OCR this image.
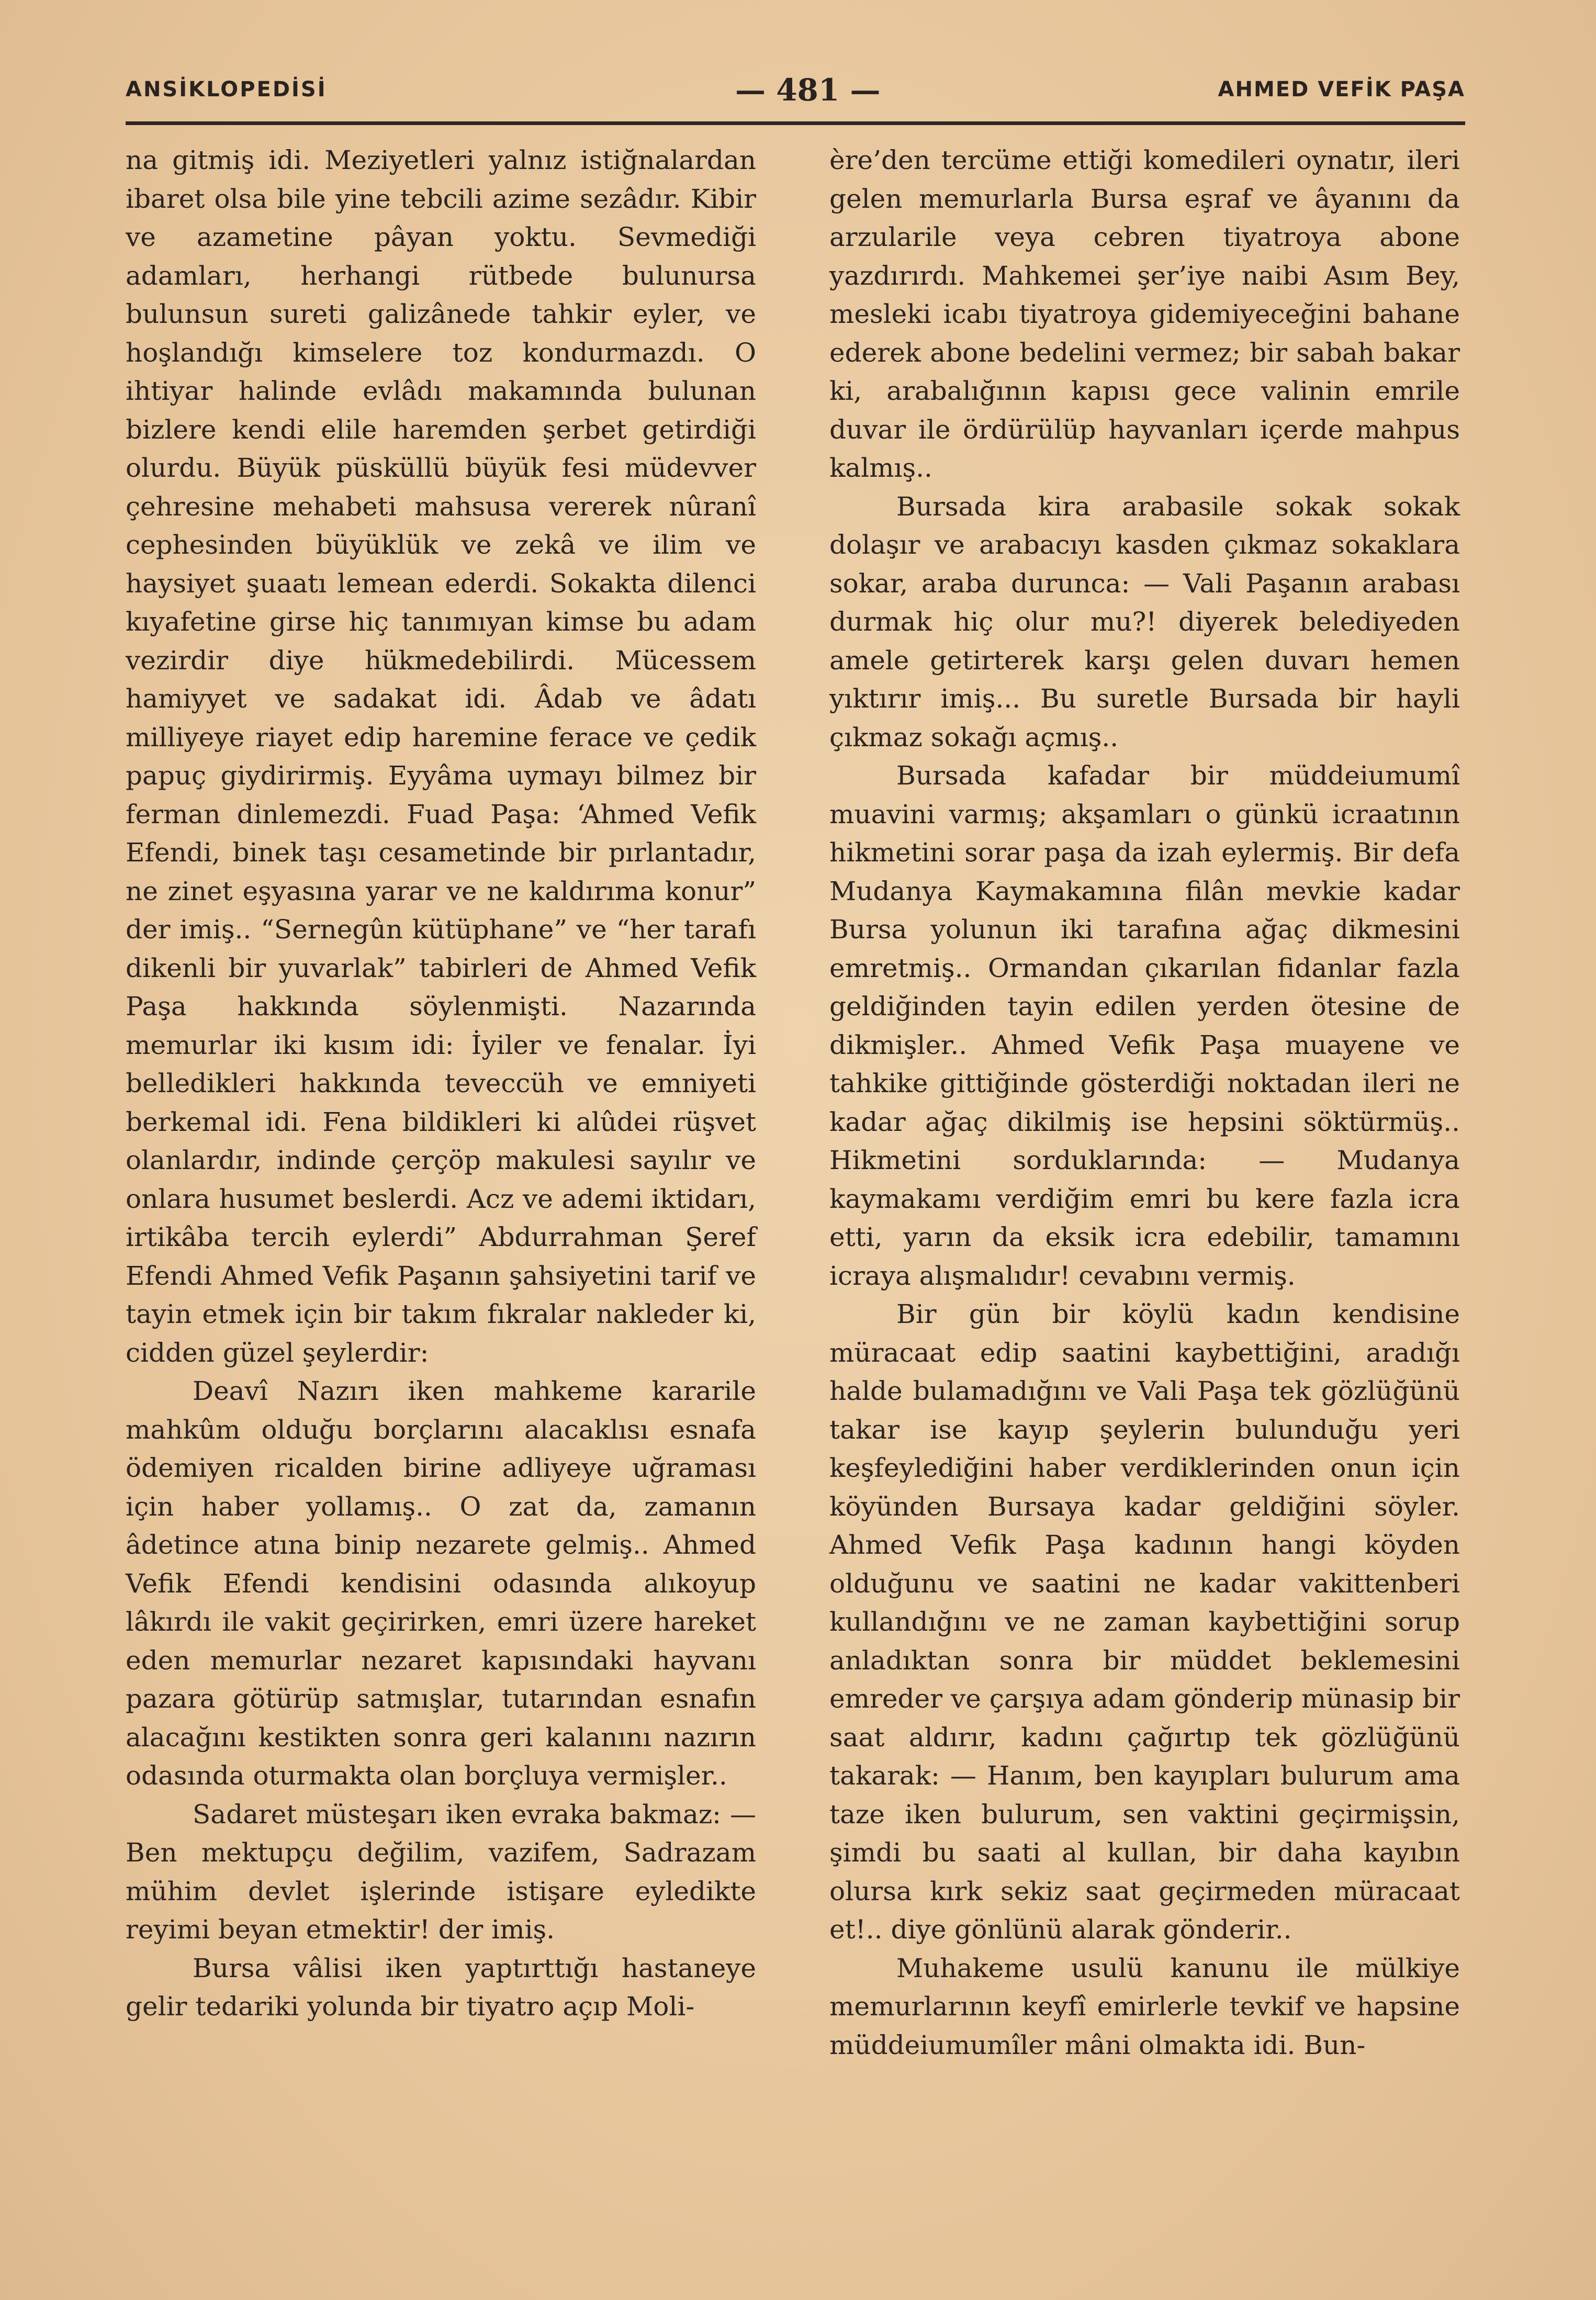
ANSİKLOPEDİSİ	— 481 —	AHMED VEFİK PAŞA

na gitmiş idi. Meziyetleri yalnız istiğnalardan ibaret olsa bile yine tebcili azime sezâdır. Kibir ve azametine pâyan yoktu. Sevmediği adamları, herhangi rütbede bulunursa bulunsun sureti galizânede tahkir eyler, ve hoşlandığı kimselere toz kondurmazdı. O ihtiyar halinde evlâdı makamında bulunan bizlere kendi elile haremden şerbet getirdiği olurdu. Büyük püsküllü büyük fesi müdevver çehresine mehabeti mahsusa vererek nûranî cephesinden büyüklük ve zekâ ve ilim ve haysiyet şuaatı lemean ederdi. Sokakta dilenci kıyafetine girse hiç tanımıyan kimse bu adam vezirdir diye hükmedebilirdi. Mücessem hamiyyet ve sadakat idi. Âdab ve âdatı milliyeye riayet edip haremine ferace ve çedik papuç giydirirmiş. Eyyâma uymayı bilmez bir ferman dinlemezdi. Fuad Paşa: ‘Ahmed Vefik Efendi, binek taşı cesametinde bir pırlantadır, ne zinet eşyasına yarar ve ne kaldırıma konur” der imiş.. “Sernegûn kütüphane” ve “her tarafı dikenli bir yuvarlak” tabirleri de Ahmed Vefik Paşa hakkında söylenmişti. Nazarında memurlar iki kısım idi: İyiler ve fenalar. İyi belledikleri hakkında teveccüh ve emniyeti berkemal idi. Fena bildikleri ki alûdei rüşvet olanlardır, indinde çerçöp makulesi sayılır ve onlara husumet beslerdi. Acz ve ademi iktidarı, irtikâba tercih eylerdi” Abdurrahman Şeref Efendi Ahmed Vefik Paşanın şahsiyetini tarif ve tayin etmek için bir takım fıkralar nakleder ki, cidden güzel şeylerdir:

Deavî Nazırı iken mahkeme kararile mahkûm olduğu borçlarını alacaklısı esnafa ödemiyen ricalden birine adliyeye uğraması için haber yollamış.. O zat da, zamanın âdetince atına binip nezarete gelmiş.. Ahmed Vefik Efendi kendisini odasında alıkoyup lâkırdı ile vakit geçirirken, emri üzere hareket eden memurlar nezaret kapısındaki hayvanı pazara götürüp satmışlar, tutarından esnafın alacağını kestikten sonra geri kalanını nazırın odasında oturmakta olan borçluya vermişler..

Sadaret müsteşarı iken evraka bakmaz: — Ben mektupçu değilim, vazifem, Sadrazam mühim devlet işlerinde istişare eyledikte reyimi beyan etmektir! der imiş.

Bursa vâlisi iken yaptırttığı hastaneye gelir tedariki yolunda bir tiyatro açıp Moli-

ère’den tercüme ettiği komedileri oynatır, ileri gelen memurlarla Bursa eşraf ve âyanını da arzularile veya cebren tiyatroya abone yazdırırdı. Mahkemei şer’iye naibi Asım Bey, mesleki icabı tiyatroya gidemiyeceğini bahane ederek abone bedelini vermez; bir sabah bakar ki, arabalığının kapısı gece valinin emrile duvar ile ördürülüp hayvanları içerde mahpus kalmış..

Bursada kira arabasile sokak sokak dolaşır ve arabacıyı kasden çıkmaz sokaklara sokar, araba durunca: — Vali Paşanın arabası durmak hiç olur mu?! diyerek belediyeden amele getirterek karşı gelen duvarı hemen yıktırır imiş... Bu suretle Bursada bir hayli çıkmaz sokağı açmış..

Bursada kafadar bir müddeiumumî muavini varmış; akşamları o günkü icraatının hikmetini sorar paşa da izah eylermiş. Bir defa Mudanya Kaymakamına filân mevkie kadar Bursa yolunun iki tarafına ağaç dikmesini emretmiş.. Ormandan çıkarılan fidanlar fazla geldiğinden tayin edilen yerden ötesine de dikmişler.. Ahmed Vefik Paşa muayene ve tahkike gittiğinde gösterdiği noktadan ileri ne kadar ağaç dikilmiş ise hepsini söktürmüş.. Hikmetini sorduklarında: — Mudanya kaymakamı verdiğim emri bu kere fazla icra etti, yarın da eksik icra edebilir, tamamını icraya alışmalıdır! cevabını vermiş.

Bir gün bir köylü kadın kendisine müracaat edip saatini kaybettiğini, aradığı halde bulamadığını ve Vali Paşa tek gözlüğünü takar ise kayıp şeylerin bulunduğu yeri keşfeylediğini haber verdiklerinden onun için köyünden Bursaya kadar geldiğini söyler. Ahmed Vefik Paşa kadının hangi köyden olduğunu ve saatini ne kadar vakittenberi kullandığını ve ne zaman kaybettiğini sorup anladıktan sonra bir müddet beklemesini emreder ve çarşıya adam gönderip münasip bir saat aldırır, kadını çağırtıp tek gözlüğünü takarak: — Hanım, ben kayıpları bulurum ama taze iken bulurum, sen vaktini geçirmişsin, şimdi bu saati al kullan, bir daha kayıbın olursa kırk sekiz saat geçirmeden müracaat et!.. diye gönlünü alarak gönderir..

Muhakeme usulü kanunu ile mülkiye memurlarının keyfî emirlerle tevkif ve hapsine müddeiumumîler mâni olmakta idi. Bun-
